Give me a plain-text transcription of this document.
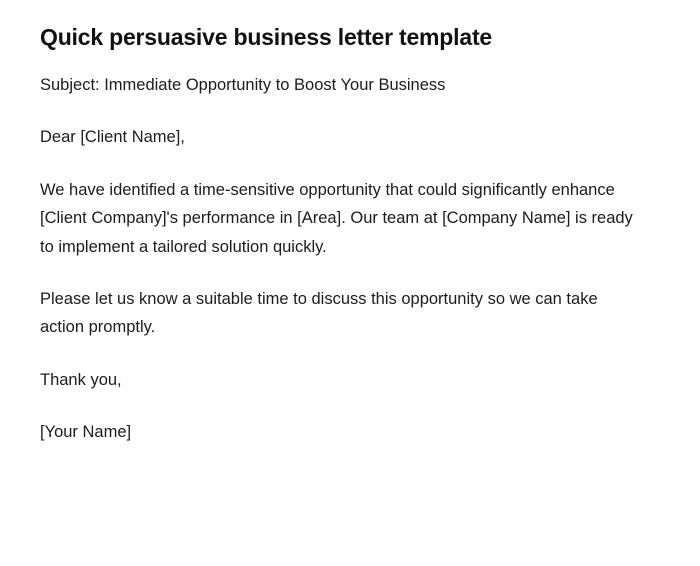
Quick persuasive business letter template

Subject: Immediate Opportunity to Boost Your Business

Dear [Client Name],

We have identified a time-sensitive opportunity that could significantly enhance [Client Company]'s performance in [Area]. Our team at [Company Name] is ready to implement a tailored solution quickly.

Please let us know a suitable time to discuss this opportunity so we can take action promptly.

Thank you,

[Your Name]
